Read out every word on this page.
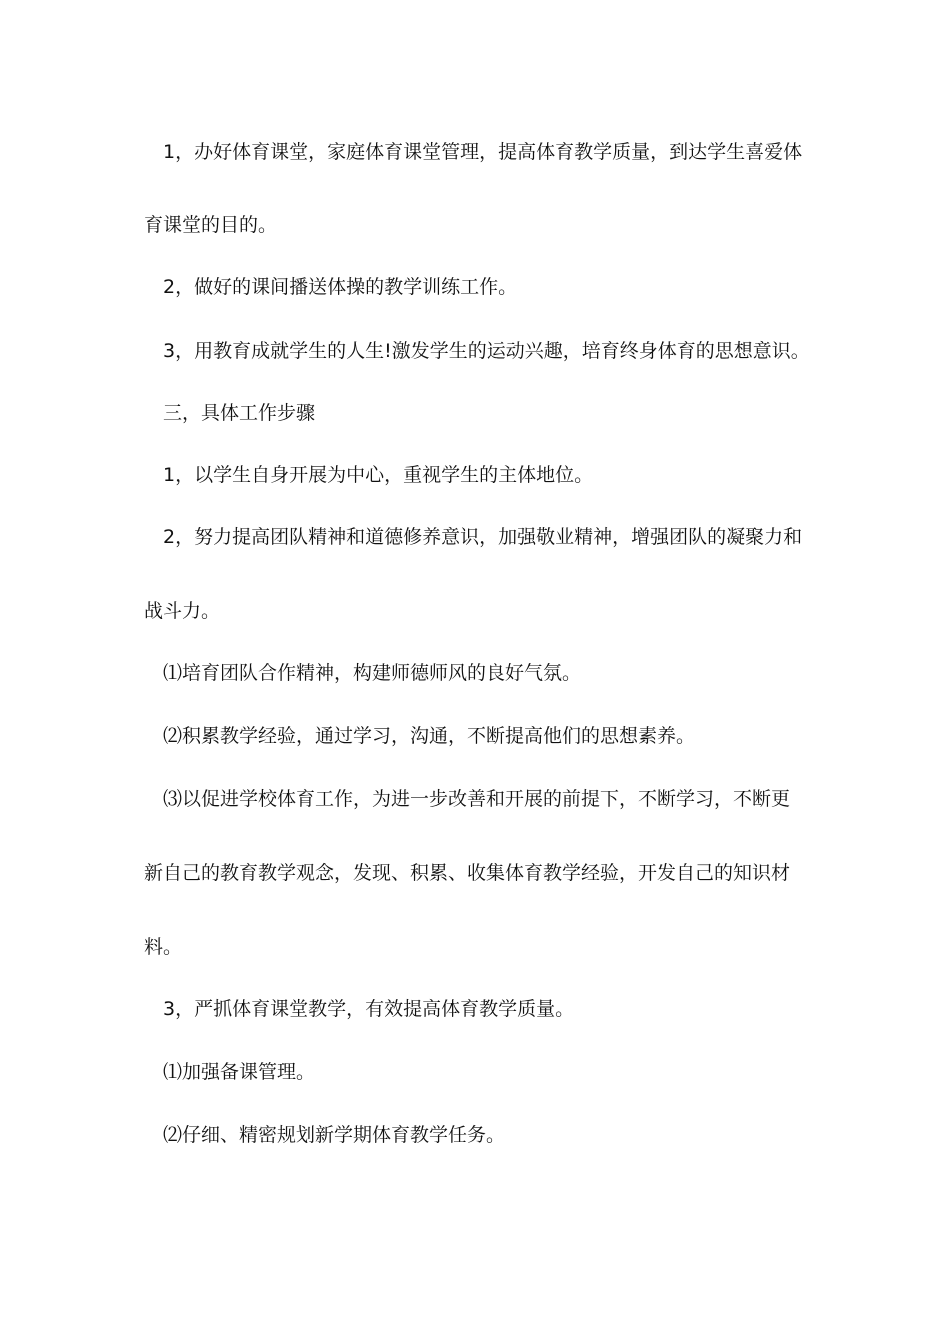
1，办好体育课堂，家庭体育课堂管理，提高体育教学质量，到达学生喜爱体
育课堂的目的。
2，做好的课间播送体操的教学训练工作。
3，用教育成就学生的人生!激发学生的运动兴趣，培育终身体育的思想意识。
三，具体工作步骤
1，以学生自身开展为中心，重视学生的主体地位。
2，努力提高团队精神和道德修养意识，加强敬业精神，增强团队的凝聚力和
战斗力。
⑴培育团队合作精神，构建师德师风的良好气氛。
⑵积累教学经验，通过学习，沟通，不断提高他们的思想素养。
⑶以促进学校体育工作，为进一步改善和开展的前提下，不断学习，不断更
新自己的教育教学观念，发现、积累、收集体育教学经验，开发自己的知识材
料。
3，严抓体育课堂教学，有效提高体育教学质量。
⑴加强备课管理。
⑵仔细、精密规划新学期体育教学任务。
